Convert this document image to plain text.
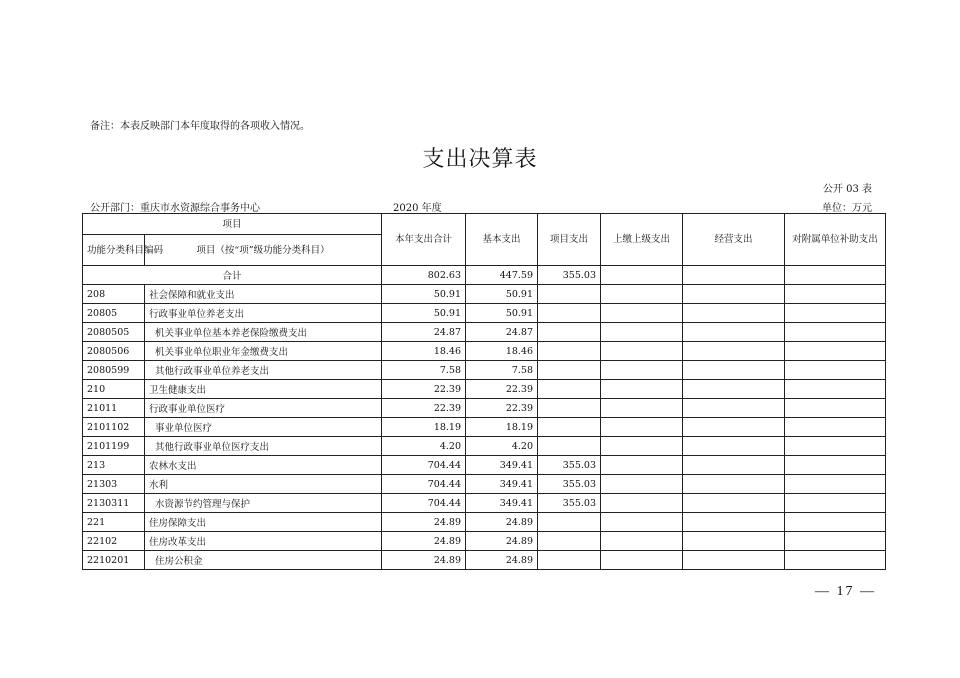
备注：本表反映部门本年度取得的各项收入情况。
支出决算表
公开 03 表
公开部门：重庆市水资源综合事务中心	2020 年度	单位：万元
项目		本年支出合计	基本支出	项目支出	上缴上级支出	经营支出	对附属单位补助支出
功能分类科目编码	项目（按“项”级功能分类科目）						
合计		802.63	447.59	355.03			
208	社会保障和就业支出	50.91	50.91				
20805	行政事业单位养老支出	50.91	50.91				
2080505	机关事业单位基本养老保险缴费支出	24.87	24.87				
2080506	机关事业单位职业年金缴费支出	18.46	18.46				
2080599	其他行政事业单位养老支出	7.58	7.58				
210	卫生健康支出	22.39	22.39				
21011	行政事业单位医疗	22.39	22.39				
2101102	事业单位医疗	18.19	18.19				
2101199	其他行政事业单位医疗支出	4.20	4.20				
213	农林水支出	704.44	349.41	355.03			
21303	水利	704.44	349.41	355.03			
2130311	水资源节约管理与保护	704.44	349.41	355.03			
221	住房保障支出	24.89	24.89				
22102	住房改革支出	24.89	24.89				
2210201	住房公积金	24.89	24.89				
— 17 —
